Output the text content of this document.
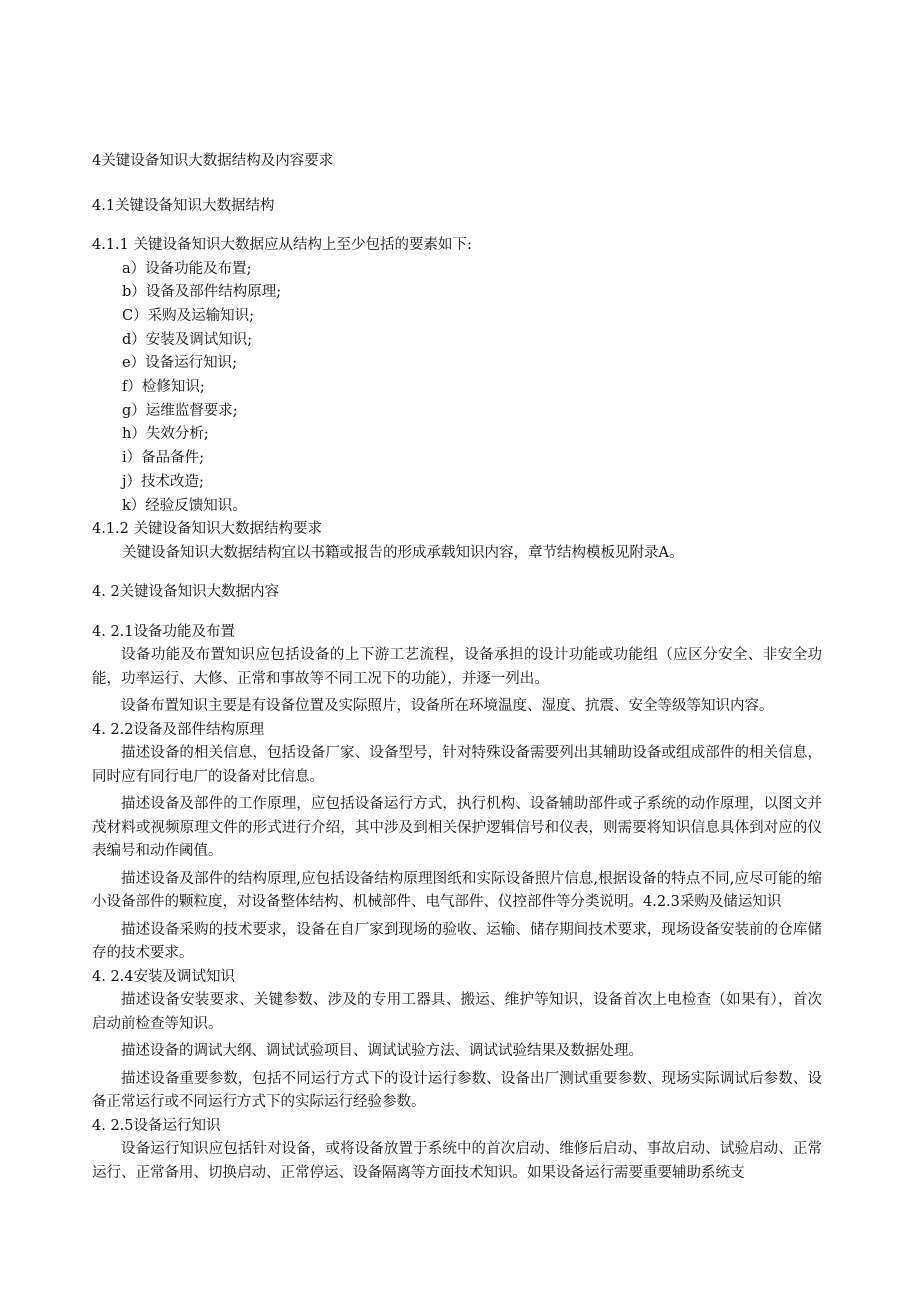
4关键设备知识大数据结构及内容要求
4.1关键设备知识大数据结构
4.1.1 关键设备知识大数据应从结构上至少包括的要素如下:
a）设备功能及布置;
b）设备及部件结构原理;
C）采购及运输知识;
d）安装及调试知识;
e）设备运行知识;
f）检修知识;
g）运维监督要求;
h）失效分析;
i）备品备件;
j）技术改造;
k）经验反馈知识。
4.1.2 关键设备知识大数据结构要求
关键设备知识大数据结构宜以书籍或报告的形成承载知识内容，章节结构模板见附录A。
4. 2关键设备知识大数据内容
4. 2.1设备功能及布置
设备功能及布置知识应包括设备的上下游工艺流程，设备承担的设计功能或功能组（应区分安全、非安全功能，功率运行、大修、正常和事故等不同工况下的功能），并逐一列出。
设备布置知识主要是有设备位置及实际照片，设备所在环境温度、湿度、抗震、安全等级等知识内容。
4. 2.2设备及部件结构原理
描述设备的相关信息，包括设备厂家、设备型号，针对特殊设备需要列出其辅助设备或组成部件的相关信息，同时应有同行电厂的设备对比信息。
描述设备及部件的工作原理，应包括设备运行方式，执行机构、设备辅助部件或子系统的动作原理，以图文并茂材料或视频原理文件的形式进行介绍，其中涉及到相关保护逻辑信号和仪表，则需要将知识信息具体到对应的仪表编号和动作阈值。
描述设备及部件的结构原理,应包括设备结构原理图纸和实际设备照片信息,根据设备的特点不同,应尽可能的缩小设备部件的颗粒度，对设备整体结构、机械部件、电气部件、仪控部件等分类说明。4.2.3采购及储运知识
描述设备采购的技术要求，设备在自厂家到现场的验收、运输、储存期间技术要求，现场设备安装前的仓库储存的技术要求。
4. 2.4安装及调试知识
描述设备安装要求、关键参数、涉及的专用工器具、搬运、维护等知识，设备首次上电检查（如果有），首次启动前检查等知识。
描述设备的调试大纲、调试试验项目、调试试验方法、调试试验结果及数据处理。
描述设备重要参数，包括不同运行方式下的设计运行参数、设备出厂测试重要参数、现场实际调试后参数、设备正常运行或不同运行方式下的实际运行经验参数。
4. 2.5设备运行知识
设备运行知识应包括针对设备，或将设备放置于系统中的首次启动、维修后启动、事故启动、试验启动、正常运行、正常备用、切换启动、正常停运、设备隔离等方面技术知识。如果设备运行需要重要辅助系统支
